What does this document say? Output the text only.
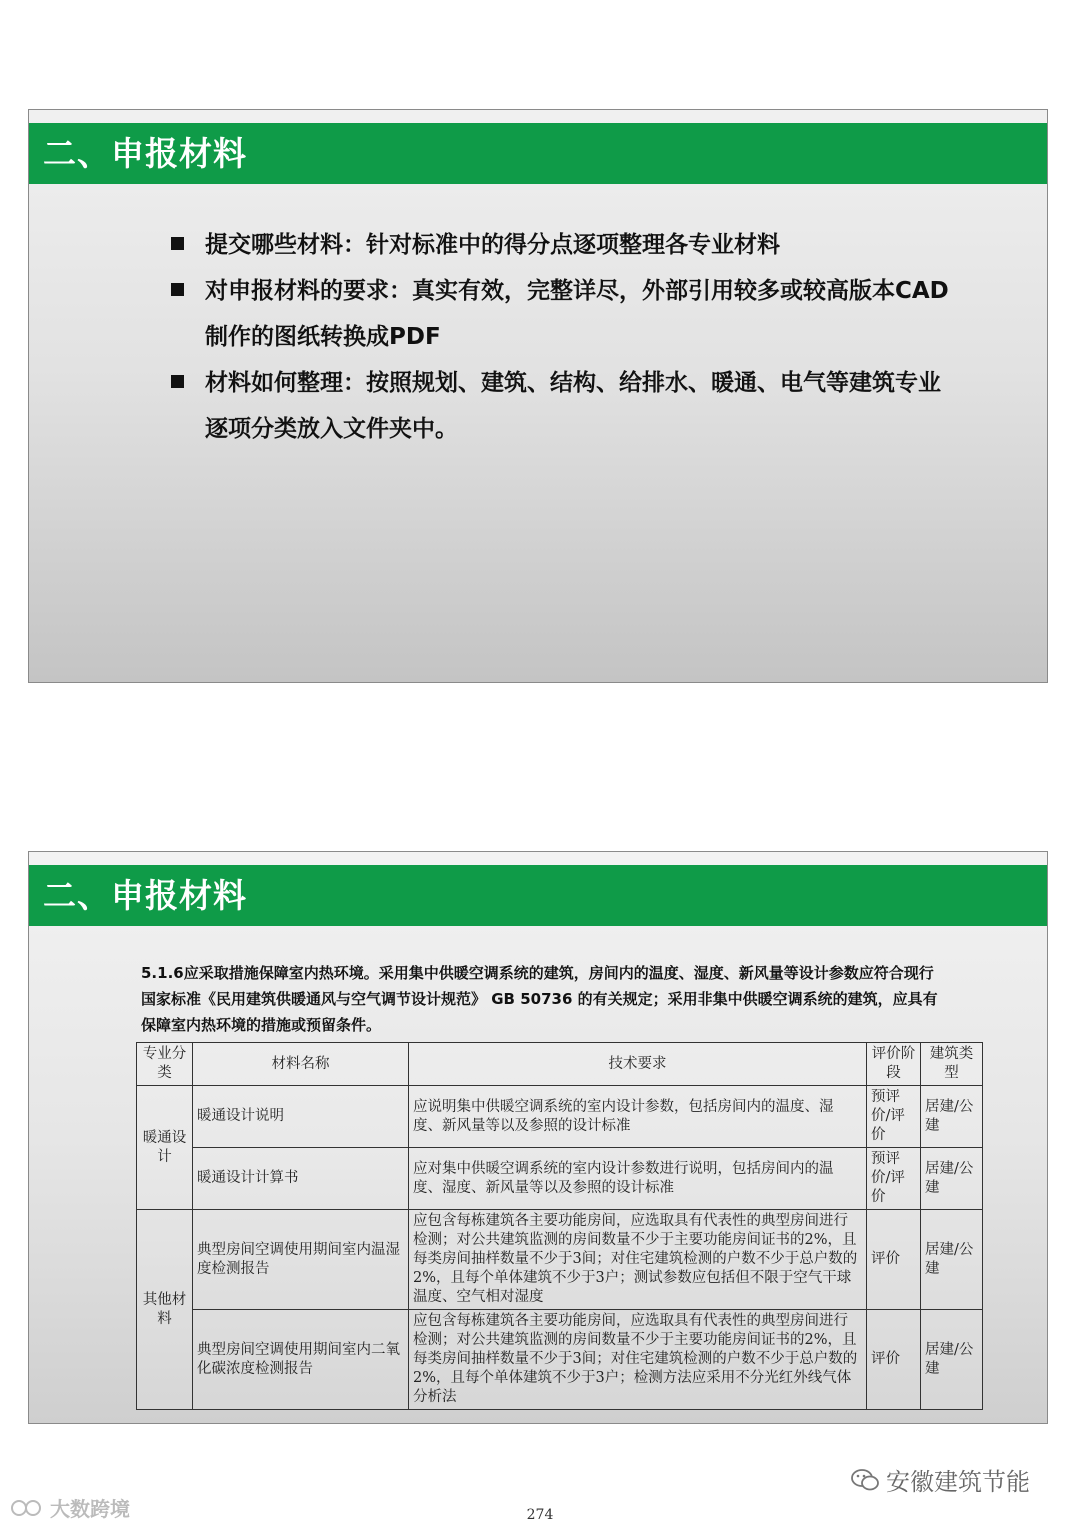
二、申报材料
提交哪些材料：针对标准中的得分点逐项整理各专业材料
对申报材料的要求：真实有效，完整详尽，外部引用较多或较高版本CAD制作的图纸转换成PDF
材料如何整理：按照规划、建筑、结构、给排水、暖通、电气等建筑专业逐项分类放入文件夹中。
二、申报材料
5.1.6应采取措施保障室内热环境。采用集中供暖空调系统的建筑，房间内的温度、湿度、新风量等设计参数应符合现行国家标准《民用建筑供暖通风与空气调节设计规范》 GB 50736 的有关规定；采用非集中供暖空调系统的建筑，应具有保障室内热环境的措施或预留条件。
专业分类	材料名称	技术要求	评价阶段	建筑类型
暖通设计	暖通设计说明	应说明集中供暖空调系统的室内设计参数，包括房间内的温度、湿度、新风量等以及参照的设计标准	预评价/评价	居建/公建
	暖通设计计算书	应对集中供暖空调系统的室内设计参数进行说明，包括房间内的温度、湿度、新风量等以及参照的设计标准	预评价/评价	居建/公建
其他材料	典型房间空调使用期间室内温湿度检测报告	应包含每栋建筑各主要功能房间，应选取具有代表性的典型房间进行检测；对公共建筑监测的房间数量不少于主要功能房间证书的2%，且每类房间抽样数量不少于3间；对住宅建筑检测的户数不少于总户数的2%，且每个单体建筑不少于3户；测试参数应包括但不限于空气干球温度、空气相对湿度	评价	居建/公建
	典型房间空调使用期间室内二氧化碳浓度检测报告	应包含每栋建筑各主要功能房间，应选取具有代表性的典型房间进行检测；对公共建筑监测的房间数量不少于主要功能房间证书的2%，且每类房间抽样数量不少于3间；对住宅建筑检测的户数不少于总户数的2%，且每个单体建筑不少于3户；检测方法应采用不分光红外线气体分析法	评价	居建/公建
安徽建筑节能
大数跨境	274
